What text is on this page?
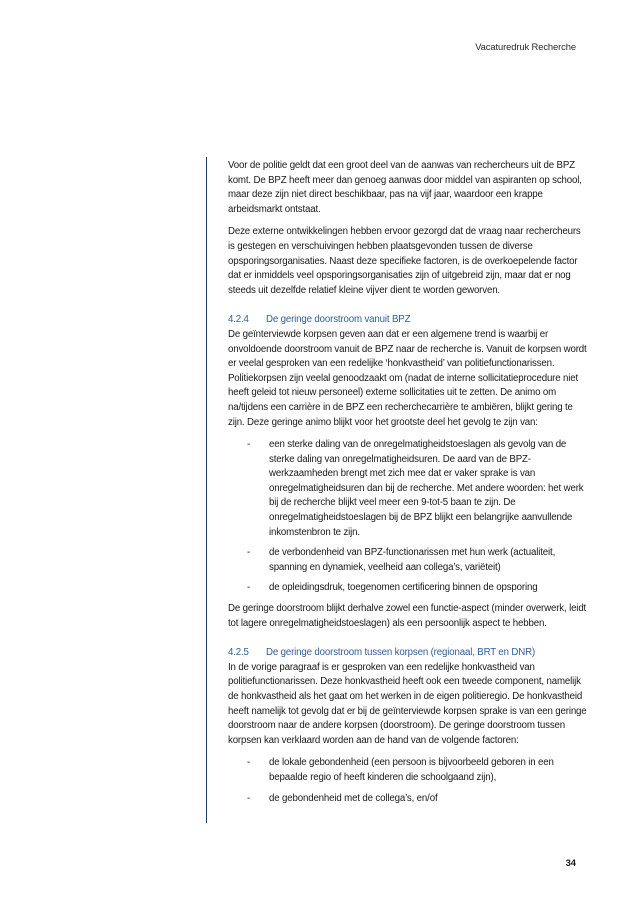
Vacaturedruk Recherche

Voor de politie geldt dat een groot deel van de aanwas van rechercheurs uit de BPZ komt. De BPZ heeft meer dan genoeg aanwas door middel van aspiranten op school, maar deze zijn niet direct beschikbaar, pas na vijf jaar, waardoor een krappe arbeidsmarkt ontstaat.

Deze externe ontwikkelingen hebben ervoor gezorgd dat de vraag naar rechercheurs is gestegen en verschuivingen hebben plaatsgevonden tussen de diverse opsporingsorganisaties. Naast deze specifieke factoren, is de overkoepelende factor dat er inmiddels veel opsporingsorganisaties zijn of uitgebreid zijn, maar dat er nog steeds uit dezelfde relatief kleine vijver dient te worden geworven.

4.2.4 De geringe doorstroom vanuit BPZ

De geïnterviewde korpsen geven aan dat er een algemene trend is waarbij er onvoldoende doorstroom vanuit de BPZ naar de recherche is. Vanuit de korpsen wordt er veelal gesproken van een redelijke ‘honkvastheid’ van politiefunctionarissen. Politiekorpsen zijn veelal genoodzaakt om (nadat de interne sollicitatieprocedure niet heeft geleid tot nieuw personeel) externe sollicitaties uit te zetten. De animo om na/tijdens een carrière in de BPZ een recherchecarrière te ambiëren, blijkt gering te zijn. Deze geringe animo blijkt voor het grootste deel het gevolg te zijn van:

- een sterke daling van de onregelmatigheidstoeslagen als gevolg van de sterke daling van onregelmatigheidsuren. De aard van de BPZ-werkzaamheden brengt met zich mee dat er vaker sprake is van onregelmatigheidsuren dan bij de recherche. Met andere woorden: het werk bij de recherche blijkt veel meer een 9-tot-5 baan te zijn. De onregelmatigheidstoeslagen bij de BPZ blijkt een belangrijke aanvullende inkomstenbron te zijn.
- de verbondenheid van BPZ-functionarissen met hun werk (actualiteit, spanning en dynamiek, veelheid aan collega’s, variëteit)
- de opleidingsdruk, toegenomen certificering binnen de opsporing

De geringe doorstroom blijkt derhalve zowel een functie-aspect (minder overwerk, leidt tot lagere onregelmatigheidstoeslagen) als een persoonlijk aspect te hebben.

4.2.5 De geringe doorstroom tussen korpsen (regionaal, BRT en DNR)

In de vorige paragraaf is er gesproken van een redelijke honkvastheid van politiefunctionarissen. Deze honkvastheid heeft ook een tweede component, namelijk de honkvastheid als het gaat om het werken in de eigen politieregio. De honkvastheid heeft namelijk tot gevolg dat er bij de geïnterviewde korpsen sprake is van een geringe doorstroom naar de andere korpsen (doorstroom). De geringe doorstroom tussen korpsen kan verklaard worden aan de hand van de volgende factoren:

- de lokale gebondenheid (een persoon is bijvoorbeeld geboren in een bepaalde regio of heeft kinderen die schoolgaand zijn),
- de gebondenheid met de collega’s, en/of
34
